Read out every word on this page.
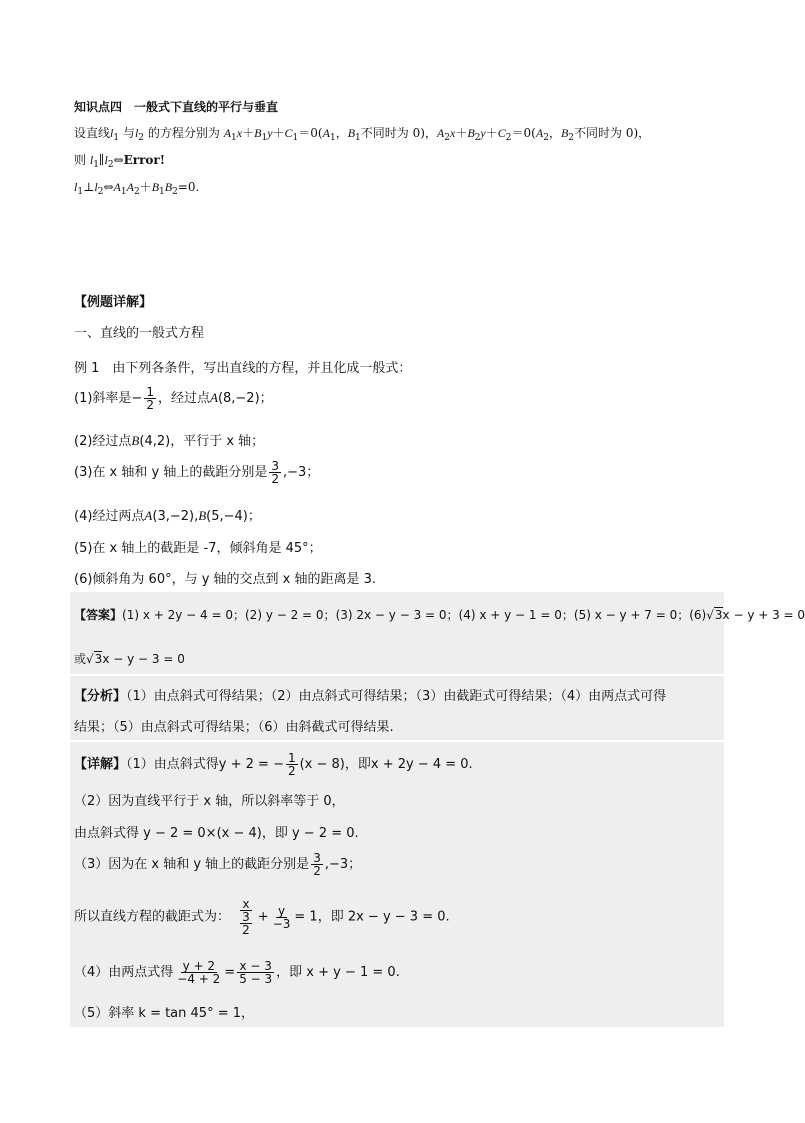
知识点四　一般式下直线的平行与垂直
设直线$l_1$ 与$l_2$ 的方程分别为 $A_1x+B_1y+C_1=0(A_1$，$B_1$不同时为 0)，$A_2x+B_2y+C_2=0(A_2$，$B_2$不同时为 0)，
则 $l_1\parallel l_2\Leftrightarrow Error$!
$l_1\perp l_2\Leftrightarrow A_1A_2+B_1B_2=0$.
【例题详解】
一、直线的一般式方程
例 1　由下列各条件，写出直线的方程，并且化成一般式：
(1)斜率是− $\frac{1}{2}$ ，经过点A(8,−2)；
(2)经过点B(4,2)，平行于 x 轴；
(3)在 x 轴和 y 轴上的截距分别是 $\frac{3}{2} ,-3$；
(4)经过两点A(3,−2),B(5,−4)；
(5)在 x 轴上的截距是 -7，倾斜角是 45°；
(6)倾斜角为 60°，与 y 轴的交点到 x 轴的距离是 3.
【答案】(1) x + 2y − 4 = 0；(2) y − 2 = 0；(3) 2x − y − 3 = 0；(4) x + y − 1 = 0；(5) x − y + 7 = 0；(6)√3x − y + 3 = 0
或√3x − y − 3 = 0
【分析】（1）由点斜式可得结果；（2）由点斜式可得结果；（3）由截距式可得结果；（4）由两点式可得
结果；（5）由点斜式可得结果；（6）由斜截式可得结果.
【详解】（1）由点斜式得y + 2 = − $\frac{1}{2} (x - 8)$，即x + 2y − 4 = 0.
（2）因为直线平行于 x 轴，所以斜率等于 0，
由点斜式得 y − 2 = 0×(x − 4)，即 y − 2 = 0.
（3）因为在 x 轴和 y 轴上的截距分别是 $\frac{3}{2} ,-3$；
所以直线方程的截距式为： x
3
$2 + \frac{y}{-3} = 1$，即 2x − y − 3 = 0.
（4）由两点式得 $\frac{y + 2}{-4 + 2} = \frac{x - 3}{5 - 3}$ ，即 x + y − 1 = 0.
（5）斜率 k = tan 45° = 1，
